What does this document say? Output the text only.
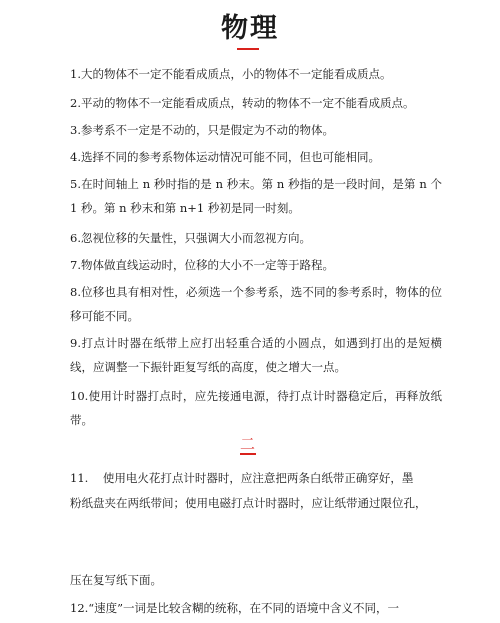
物理

1.大的物体不一定不能看成质点，小的物体不一定能看成质点。

2.平动的物体不一定能看成质点，转动的物体不一定不能看成质点。

3.参考系不一定是不动的，只是假定为不动的物体。

4.选择不同的参考系物体运动情况可能不同，但也可能相同。

5.在时间轴上 n 秒时指的是 n 秒末。第 n 秒指的是一段时间，是第 n 个 1 秒。第 n 秒末和第 n+1 秒初是同一时刻。

6.忽视位移的矢量性，只强调大小而忽视方向。

7.物体做直线运动时，位移的大小不一定等于路程。

8.位移也具有相对性，必须选一个参考系，选不同的参考系时，物体的位移可能不同。

9.打点计时器在纸带上应打出轻重合适的小圆点，如遇到打出的是短横线，应调整一下振针距复写纸的高度，使之增大一点。

10.使用计时器打点时，应先接通电源，待打点计时器稳定后，再释放纸带。

二
11.    使用电火花打点计时器时，应注意把两条白纸带正确穿好，墨
粉纸盘夹在两纸带间；使用电磁打点计时器时，应让纸带通过限位孔，
压在复写纸下面。
12.“速度”一词是比较含糊的统称，在不同的语境中含义不同，一
